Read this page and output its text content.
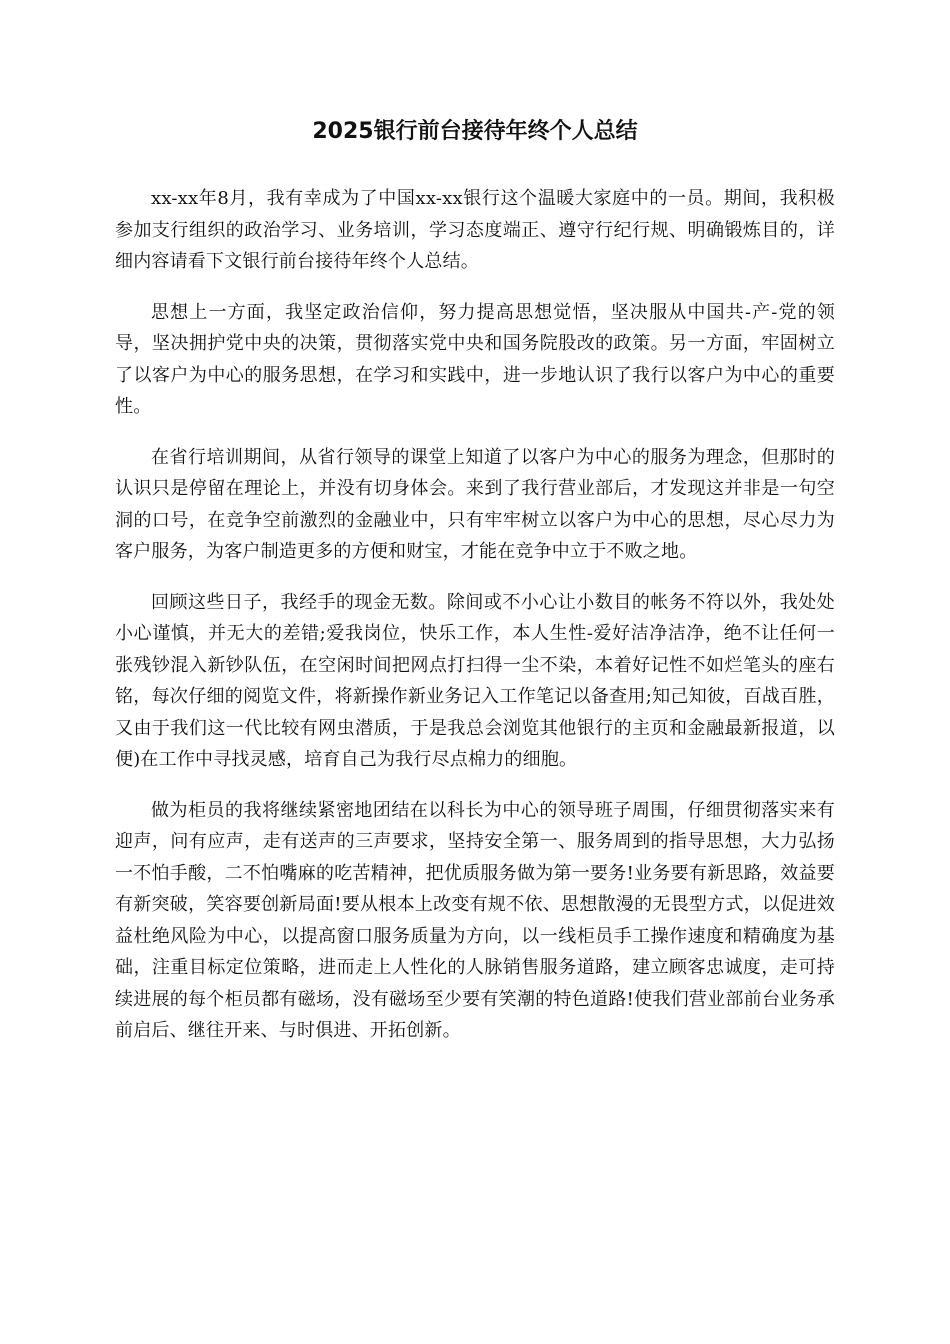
2025银行前台接待年终个人总结

xx-xx年8月，我有幸成为了中国xx-xx银行这个温暖大家庭中的一员。期间，我积极参加支行组织的政治学习、业务培训，学习态度端正、遵守行纪行规、明确锻炼目的，详细内容请看下文银行前台接待年终个人总结。

思想上一方面，我坚定政治信仰，努力提高思想觉悟，坚决服从中国共-产-党的领导，坚决拥护党中央的决策，贯彻落实党中央和国务院股改的政策。另一方面，牢固树立了以客户为中心的服务思想，在学习和实践中，进一步地认识了我行以客户为中心的重要性。

在省行培训期间，从省行领导的课堂上知道了以客户为中心的服务为理念，但那时的认识只是停留在理论上，并没有切身体会。来到了我行营业部后，才发现这并非是一句空洞的口号，在竞争空前激烈的金融业中，只有牢牢树立以客户为中心的思想，尽心尽力为客户服务，为客户制造更多的方便和财宝，才能在竞争中立于不败之地。

回顾这些日子，我经手的现金无数。除间或不小心让小数目的帐务不符以外，我处处小心谨慎，并无大的差错;爱我岗位，快乐工作，本人生性-爱好洁净洁净，绝不让任何一张残钞混入新钞队伍，在空闲时间把网点打扫得一尘不染，本着好记性不如烂笔头的座右铭，每次仔细的阅览文件，将新操作新业务记入工作笔记以备查用;知己知彼，百战百胜，又由于我们这一代比较有网虫潜质，于是我总会浏览其他银行的主页和金融最新报道，以便)在工作中寻找灵感，培育自己为我行尽点棉力的细胞。

做为柜员的我将继续紧密地团结在以科长为中心的领导班子周围，仔细贯彻落实来有迎声，问有应声，走有送声的三声要求，坚持安全第一、服务周到的指导思想，大力弘扬一不怕手酸，二不怕嘴麻的吃苦精神，把优质服务做为第一要务!业务要有新思路，效益要有新突破，笑容要创新局面!要从根本上改变有规不依、思想散漫的无畏型方式，以促进效益杜绝风险为中心，以提高窗口服务质量为方向，以一线柜员手工操作速度和精确度为基础，注重目标定位策略，进而走上人性化的人脉销售服务道路，建立顾客忠诚度，走可持续进展的每个柜员都有磁场，没有磁场至少要有笑潮的特色道路!使我们营业部前台业务承前启后、继往开来、与时俱进、开拓创新。
